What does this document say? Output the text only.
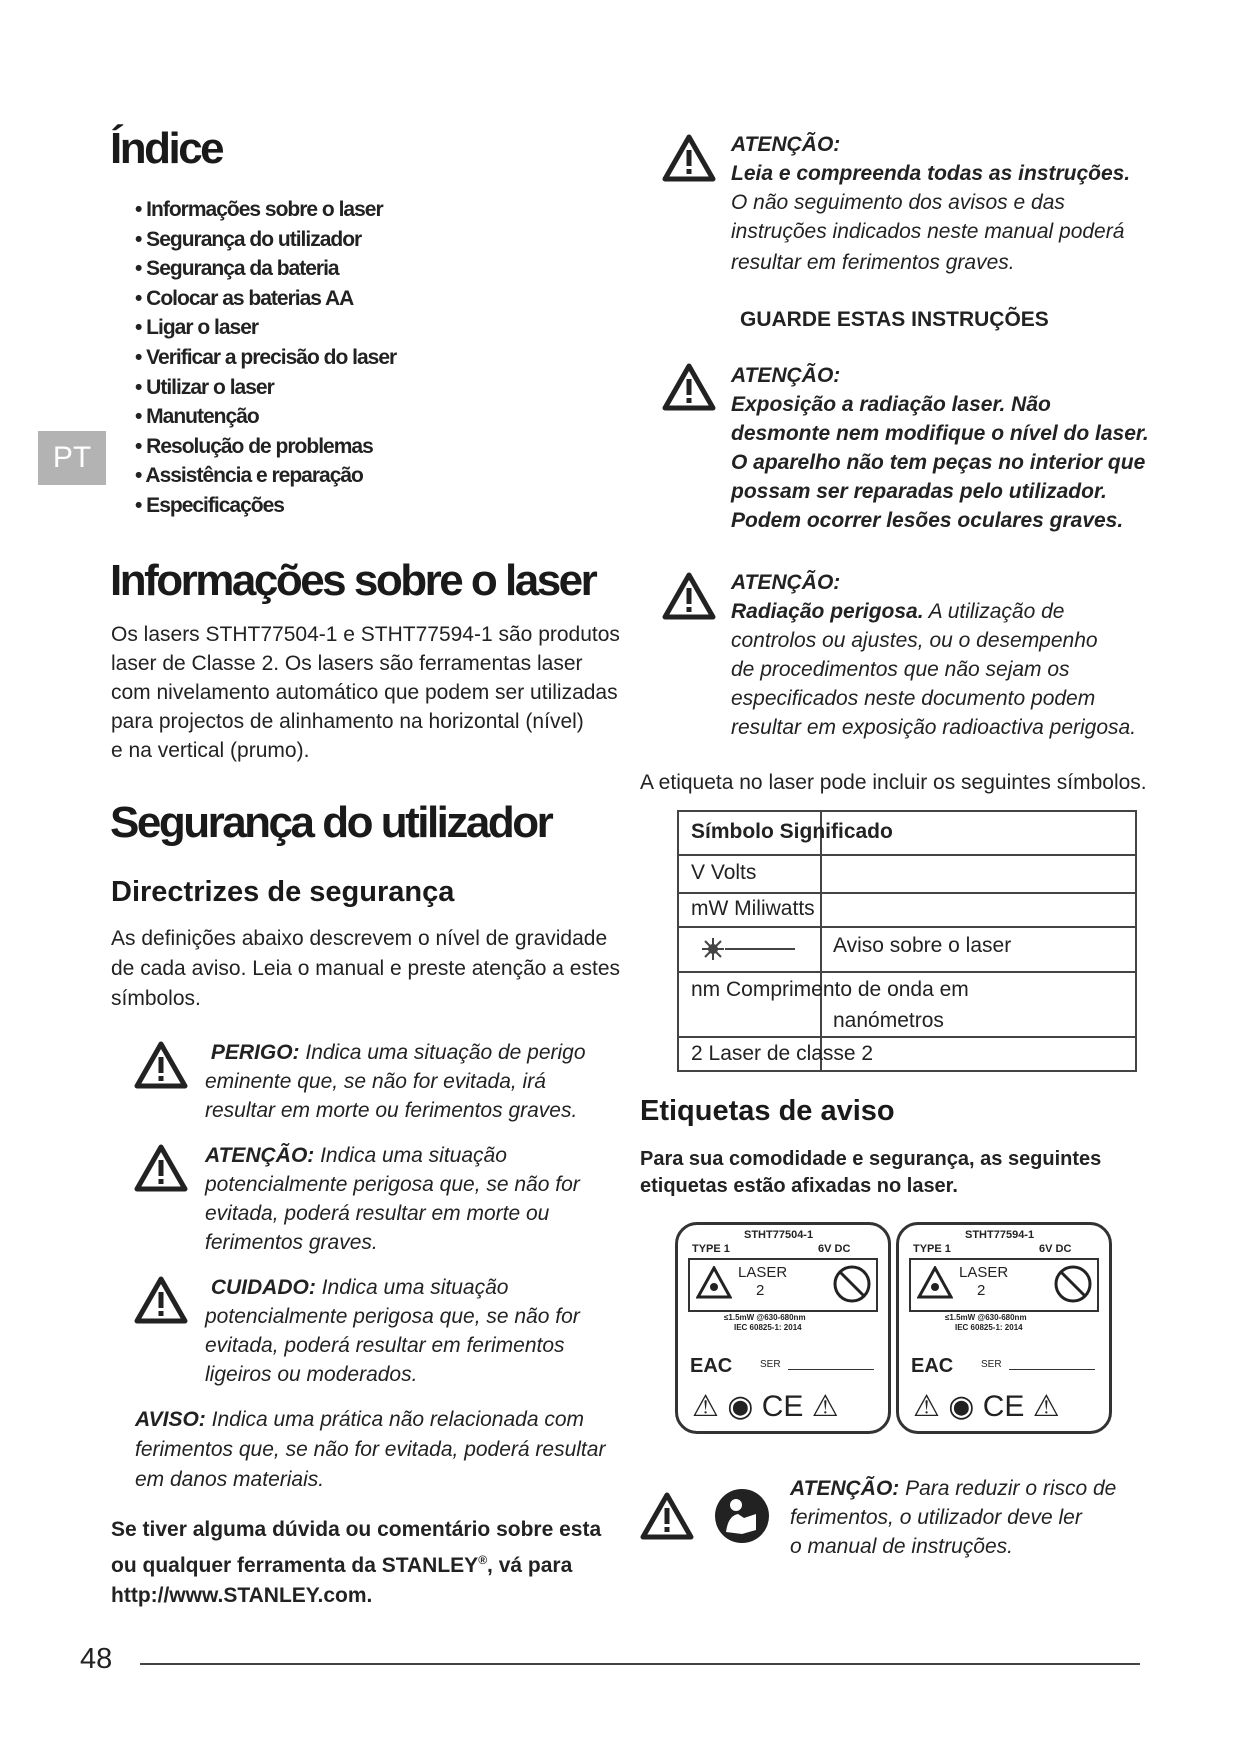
PT
Índice
• Informações sobre o laser
• Segurança do utilizador
• Segurança da bateria
• Colocar as baterias AA
• Ligar o laser
• Verificar a precisão do laser
• Utilizar o laser
• Manutenção
• Resolução de problemas
• Assistência e reparação
• Especificações
Informações sobre o laser
Os lasers STHT77504-1 e STHT77594-1 são produtos
laser de Classe 2. Os lasers são ferramentas laser
com nivelamento automático que podem ser utilizadas
para projectos de alinhamento na horizontal (nível)
e na vertical (prumo).
Segurança do utilizador
Directrizes de segurança
As definições abaixo descrevem o nível de gravidade
de cada aviso. Leia o manual e preste atenção a estes
símbolos.
PERIGO: Indica uma situação de perigo
eminente que, se não for evitada, irá
resultar em morte ou ferimentos graves.
ATENÇÃO: Indica uma situação
potencialmente perigosa que, se não for
evitada, poderá resultar em morte ou
ferimentos graves.
CUIDADO: Indica uma situação
potencialmente perigosa que, se não for
evitada, poderá resultar em ferimentos
ligeiros ou moderados.
AVISO: Indica uma prática não relacionada com
ferimentos que, se não for evitada, poderá resultar
em danos materiais.
Se tiver alguma dúvida ou comentário sobre esta
ou qualquer ferramenta da STANLEY®, vá para
http://www.STANLEY.com.
48
ATENÇÃO:
Leia e compreenda todas as instruções.
O não seguimento dos avisos e das
instruções indicados neste manual poderá
resultar em ferimentos graves.
GUARDE ESTAS INSTRUÇÕES
ATENÇÃO:
Exposição a radiação laser. Não
desmonte nem modifique o nível do laser.
O aparelho não tem peças no interior que
possam ser reparadas pelo utilizador.
Podem ocorrer lesões oculares graves.
ATENÇÃO:
Radiação perigosa. A utilização de
controlos ou ajustes, ou o desempenho
de procedimentos que não sejam os
especificados neste documento podem
resultar em exposição radioactiva perigosa.
A etiqueta no laser pode incluir os seguintes símbolos.
Símbolo Significado
V Volts
mW Miliwatts
Aviso sobre o laser
nm Comprimento de onda em
nanómetros
2 Laser de classe 2
Etiquetas de aviso
Para sua comodidade e segurança, as seguintes
etiquetas estão afixadas no laser.
STHT77504-1
TYPE 1	6V DC
LASER
2
≤1.5mW @630-680nm
IEC 60825-1: 2014
EAC	SER
⚠ ◉ CE ⚠
STHT77594-1
TYPE 1	6V DC
LASER
2
≤1.5mW @630-680nm
IEC 60825-1: 2014
EAC	SER
⚠ ◉ CE ⚠
ATENÇÃO: Para reduzir o risco de
ferimentos, o utilizador deve ler
o manual de instruções.
